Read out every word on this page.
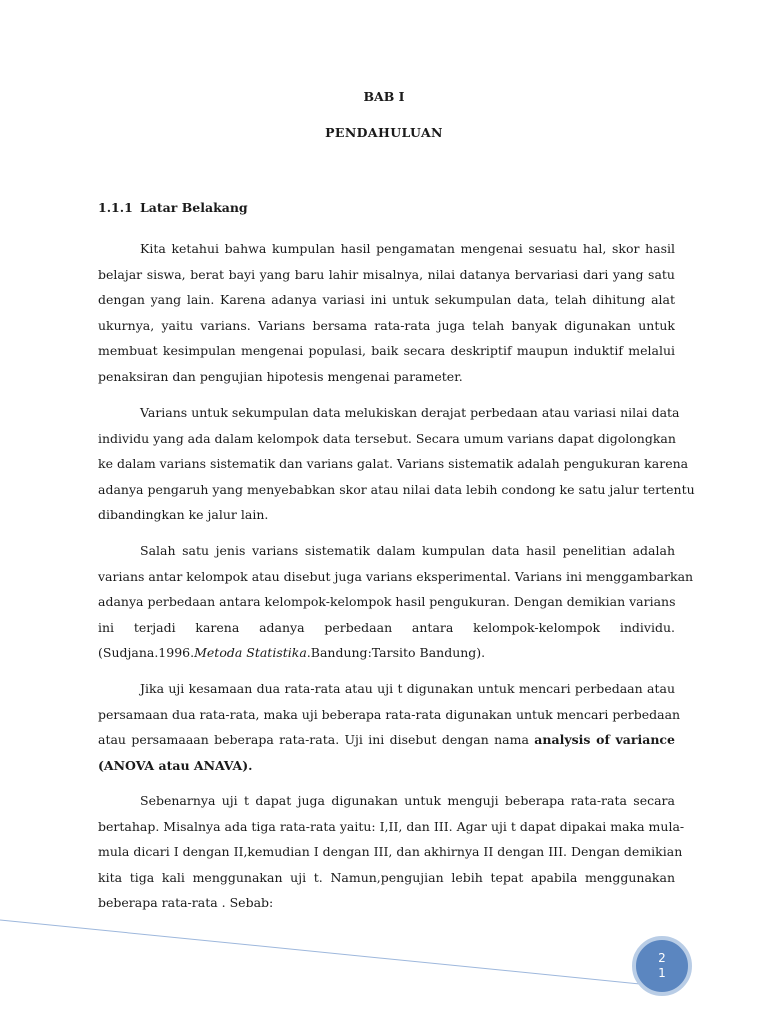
BAB I
PENDAHULUAN
1.1.1 Latar Belakang

Kita ketahui bahwa kumpulan hasil pengamatan mengenai sesuatu hal, skor hasil
belajar siswa, berat bayi yang baru lahir misalnya, nilai datanya bervariasi dari yang satu
dengan yang lain. Karena adanya variasi ini untuk sekumpulan data, telah dihitung alat
ukurnya, yaitu varians. Varians bersama rata-rata juga telah banyak digunakan untuk
membuat kesimpulan mengenai populasi, baik secara deskriptif maupun induktif melalui
penaksiran dan pengujian hipotesis mengenai parameter.

Varians untuk sekumpulan data melukiskan derajat perbedaan atau variasi nilai data
individu yang ada dalam kelompok data tersebut. Secara umum varians dapat digolongkan
ke dalam varians sistematik dan varians galat. Varians sistematik adalah pengukuran karena
adanya pengaruh yang menyebabkan skor atau nilai data lebih condong ke satu jalur tertentu
dibandingkan ke jalur lain.

Salah satu jenis varians sistematik dalam kumpulan data hasil penelitian adalah
varians antar kelompok atau disebut juga varians eksperimental. Varians ini menggambarkan
adanya perbedaan antara kelompok-kelompok hasil pengukuran. Dengan demikian varians
ini terjadi karena adanya perbedaan antara kelompok-kelompok individu.
(Sudjana.1996.Metoda Statistika.Bandung:Tarsito Bandung).

Jika uji kesamaan dua rata-rata atau uji t digunakan untuk mencari perbedaan atau
persamaan dua rata-rata, maka uji beberapa rata-rata digunakan untuk mencari perbedaan
atau persamaaan beberapa rata-rata. Uji ini disebut dengan nama analysis of variance
(ANOVA atau ANAVA).

Sebenarnya uji t dapat juga digunakan untuk menguji beberapa rata-rata secara
bertahap. Misalnya ada tiga rata-rata yaitu: I,II, dan III. Agar uji t dapat dipakai maka mula-
mula dicari I dengan II,kemudian I dengan III, dan akhirnya II dengan III. Dengan demikian
kita tiga kali menggunakan uji t. Namun,pengujian lebih tepat apabila menggunakan
beberapa rata-rata . Sebab:

2
1
